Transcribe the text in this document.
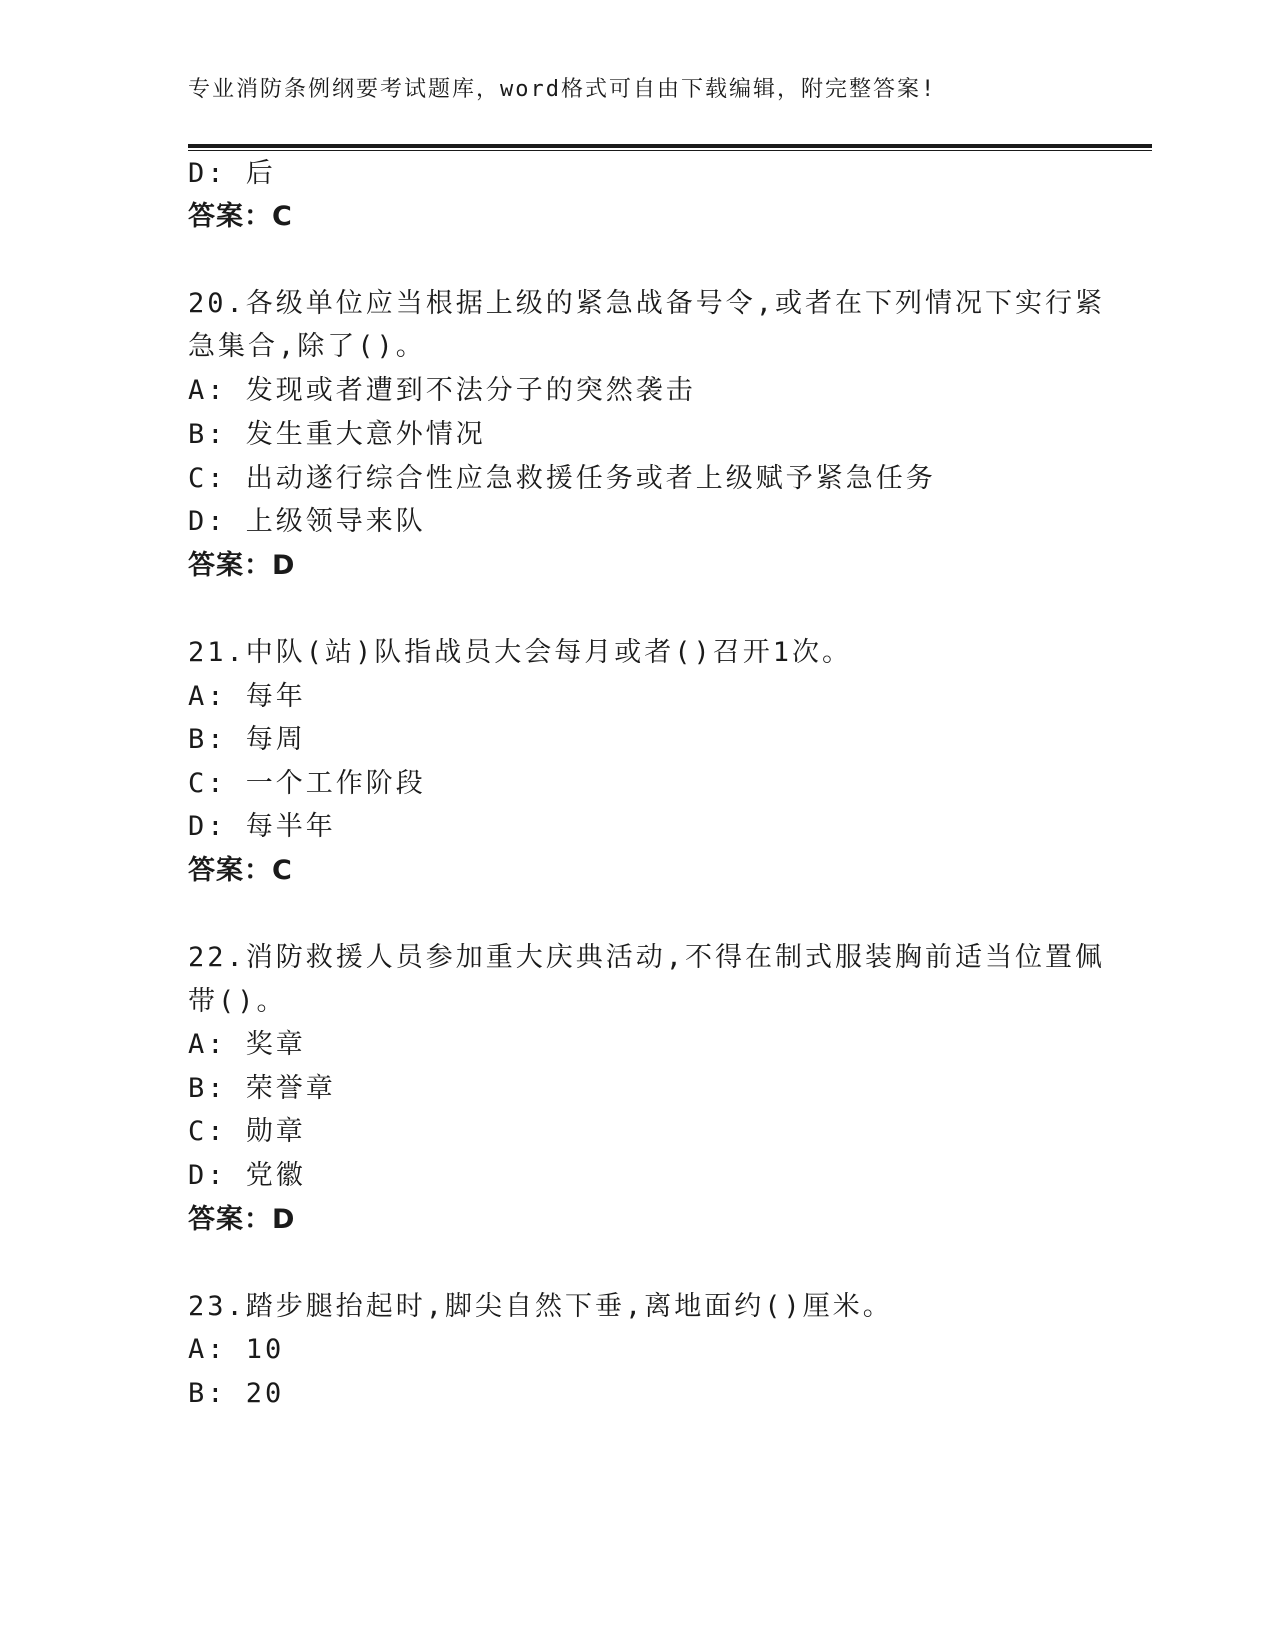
专业消防条例纲要考试题库，word格式可自由下载编辑，附完整答案!
D: 后
答案：C
20.各级单位应当根据上级的紧急战备号令,或者在下列情况下实行紧
急集合,除了()。
A: 发现或者遭到不法分子的突然袭击
B: 发生重大意外情况
C: 出动遂行综合性应急救援任务或者上级赋予紧急任务
D: 上级领导来队
答案：D
21.中队(站)队指战员大会每月或者()召开1次。
A: 每年
B: 每周
C: 一个工作阶段
D: 每半年
答案：C
22.消防救援人员参加重大庆典活动,不得在制式服装胸前适当位置佩
带()。
A: 奖章
B: 荣誉章
C: 勋章
D: 党徽
答案：D
23.踏步腿抬起时,脚尖自然下垂,离地面约()厘米。
A: 10
B: 20
